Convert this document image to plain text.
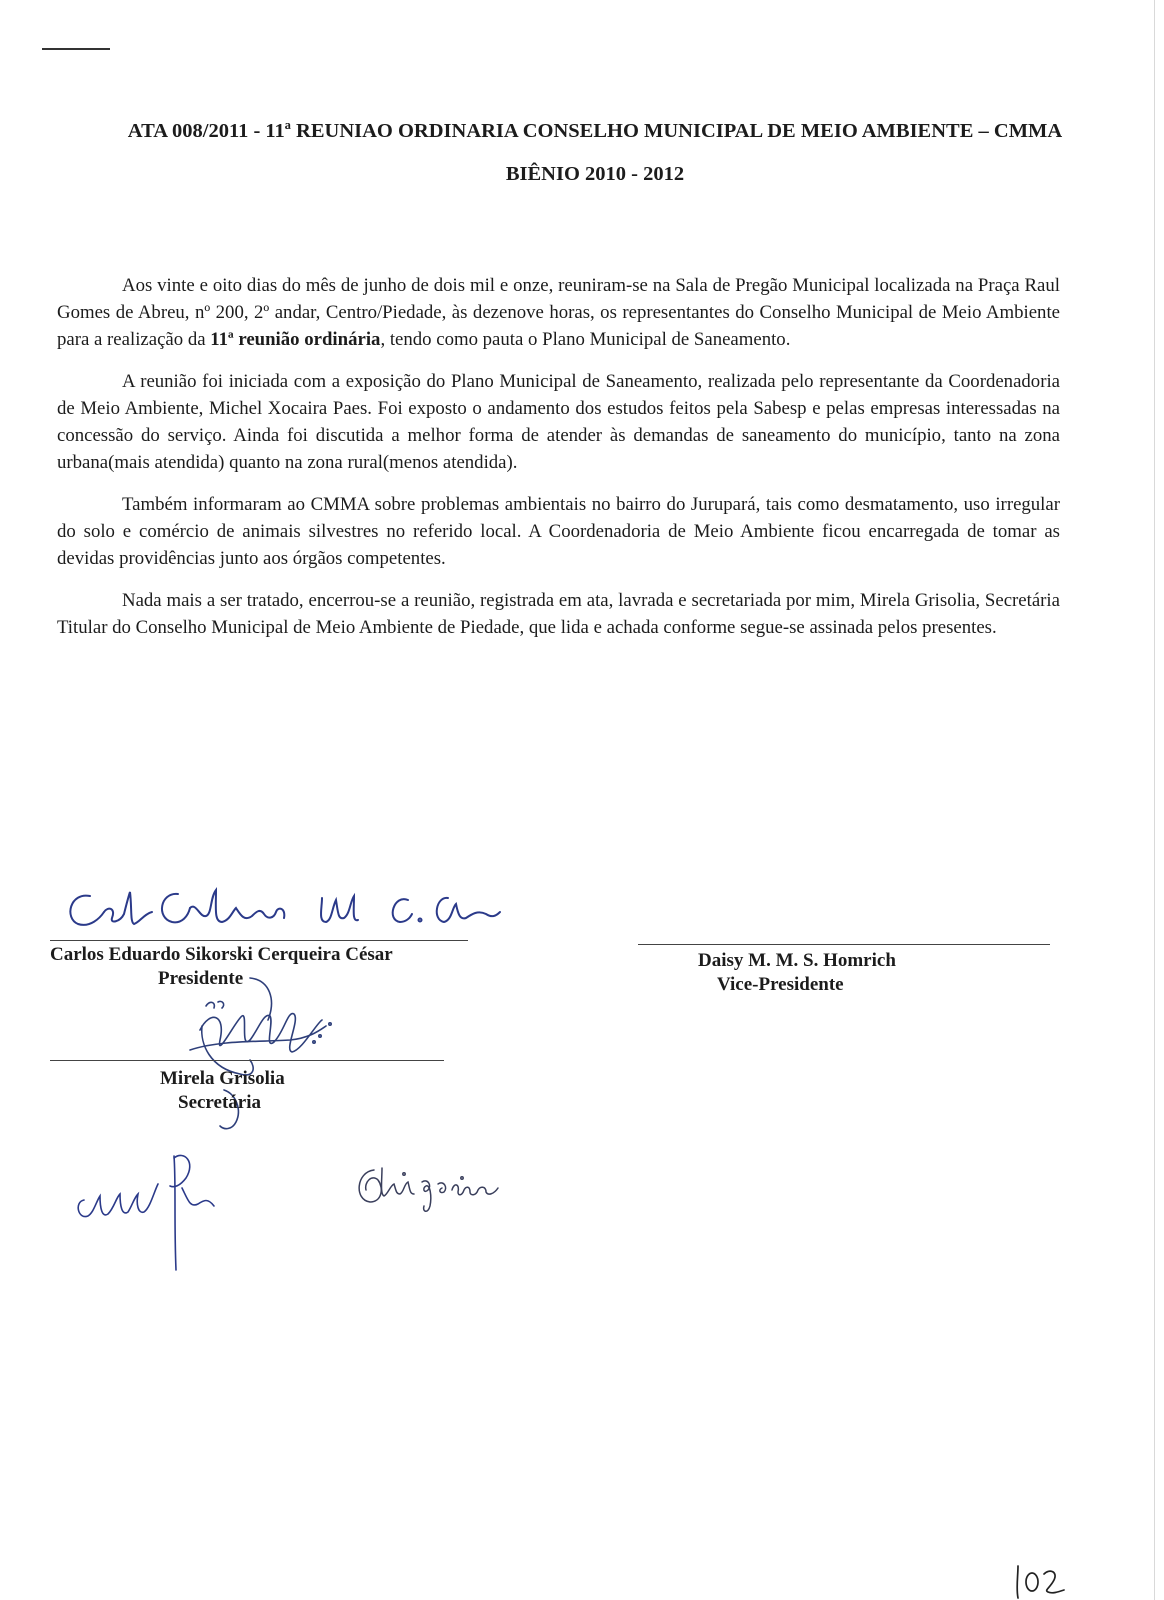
ATA 008/2011 - 11ª REUNIAO ORDINARIA CONSELHO MUNICIPAL DE MEIO AMBIENTE – CMMA
BIÊNIO 2010 - 2012

Aos vinte e oito dias do mês de junho de dois mil e onze, reuniram-se na Sala de Pregão Municipal localizada na Praça Raul Gomes de Abreu, nº 200, 2º andar, Centro/Piedade, às dezenove horas, os representantes do Conselho Municipal de Meio Ambiente para a realização da 11ª reunião ordinária, tendo como pauta o Plano Municipal de Saneamento.

A reunião foi iniciada com a exposição do Plano Municipal de Saneamento, realizada pelo representante da Coordenadoria de Meio Ambiente, Michel Xocaira Paes. Foi exposto o andamento dos estudos feitos pela Sabesp e pelas empresas interessadas na concessão do serviço. Ainda foi discutida a melhor forma de atender às demandas de saneamento do município, tanto na zona urbana(mais atendida) quanto na zona rural(menos atendida).

Também informaram ao CMMA sobre problemas ambientais no bairro do Jurupará, tais como desmatamento, uso irregular do solo e comércio de animais silvestres no referido local. A Coordenadoria de Meio Ambiente ficou encarregada de tomar as devidas providências junto aos órgãos competentes.

Nada mais a ser tratado, encerrou-se a reunião, registrada em ata, lavrada e secretariada por mim, Mirela Grisolia, Secretária Titular do Conselho Municipal de Meio Ambiente de Piedade, que lida e achada conforme segue-se assinada pelos presentes.

Carlos Eduardo Sikorski Cerqueira César
Presidente
Daisy M. M. S. Homrich
Vice-Presidente
Mirela Grisolia
Secretária
